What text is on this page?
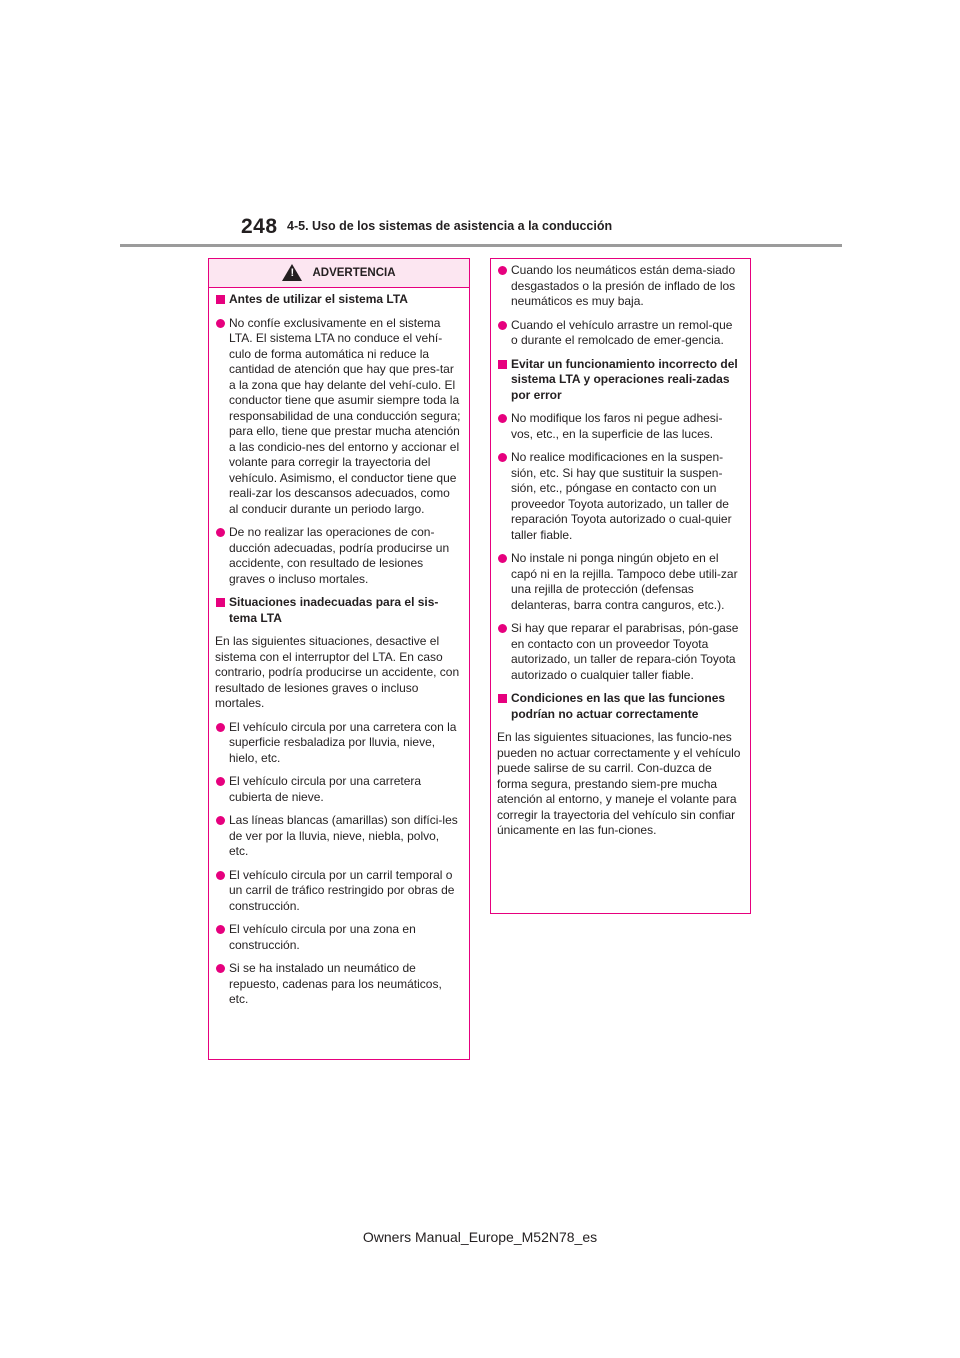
248 4-5. Uso de los sistemas de asistencia a la conducción
!
ADVERTENCIA
Antes de utilizar el sistema LTA
No confíe exclusivamente en el sistema LTA. El sistema LTA no conduce el vehí-culo de forma automática ni reduce la cantidad de atención que hay que pres-tar a la zona que hay delante del vehí-culo. El conductor tiene que asumir siempre toda la responsabilidad de una conducción segura; para ello, tiene que prestar mucha atención a las condicio-nes del entorno y accionar el volante para corregir la trayectoria del vehículo. Asimismo, el conductor tiene que reali-zar los descansos adecuados, como al conducir durante un periodo largo.
De no realizar las operaciones de con-ducción adecuadas, podría producirse un accidente, con resultado de lesiones graves o incluso mortales.
Situaciones inadecuadas para el sis-tema LTA
En las siguientes situaciones, desactive el sistema con el interruptor del LTA. En caso contrario, podría producirse un accidente, con resultado de lesiones graves o incluso mortales.
El vehículo circula por una carretera con la superficie resbaladiza por lluvia, nieve, hielo, etc.
El vehículo circula por una carretera cubierta de nieve.
Las líneas blancas (amarillas) son difíci-les de ver por la lluvia, nieve, niebla, polvo, etc.
El vehículo circula por un carril temporal o un carril de tráfico restringido por obras de construcción.
El vehículo circula por una zona en construcción.
Si se ha instalado un neumático de repuesto, cadenas para los neumáticos, etc.
Cuando los neumáticos están dema-siado desgastados o la presión de inflado de los neumáticos es muy baja.
Cuando el vehículo arrastre un remol-que o durante el remolcado de emer-gencia.
Evitar un funcionamiento incorrecto del sistema LTA y operaciones reali-zadas por error
No modifique los faros ni pegue adhesi-vos, etc., en la superficie de las luces.
No realice modificaciones en la suspen-sión, etc. Si hay que sustituir la suspen-sión, etc., póngase en contacto con un proveedor Toyota autorizado, un taller de reparación Toyota autorizado o cual-quier taller fiable.
No instale ni ponga ningún objeto en el capó ni en la rejilla. Tampoco debe utili-zar una rejilla de protección (defensas delanteras, barra contra canguros, etc.).
Si hay que reparar el parabrisas, pón-gase en contacto con un proveedor Toyota autorizado, un taller de repara-ción Toyota autorizado o cualquier taller fiable.
Condiciones en las que las funciones podrían no actuar correctamente
En las siguientes situaciones, las funcio-nes pueden no actuar correctamente y el vehículo puede salirse de su carril. Con-duzca de forma segura, prestando siem-pre mucha atención al entorno, y maneje el volante para corregir la trayectoria del vehículo sin confiar únicamente en las fun-ciones.
Owners Manual_Europe_M52N78_es
